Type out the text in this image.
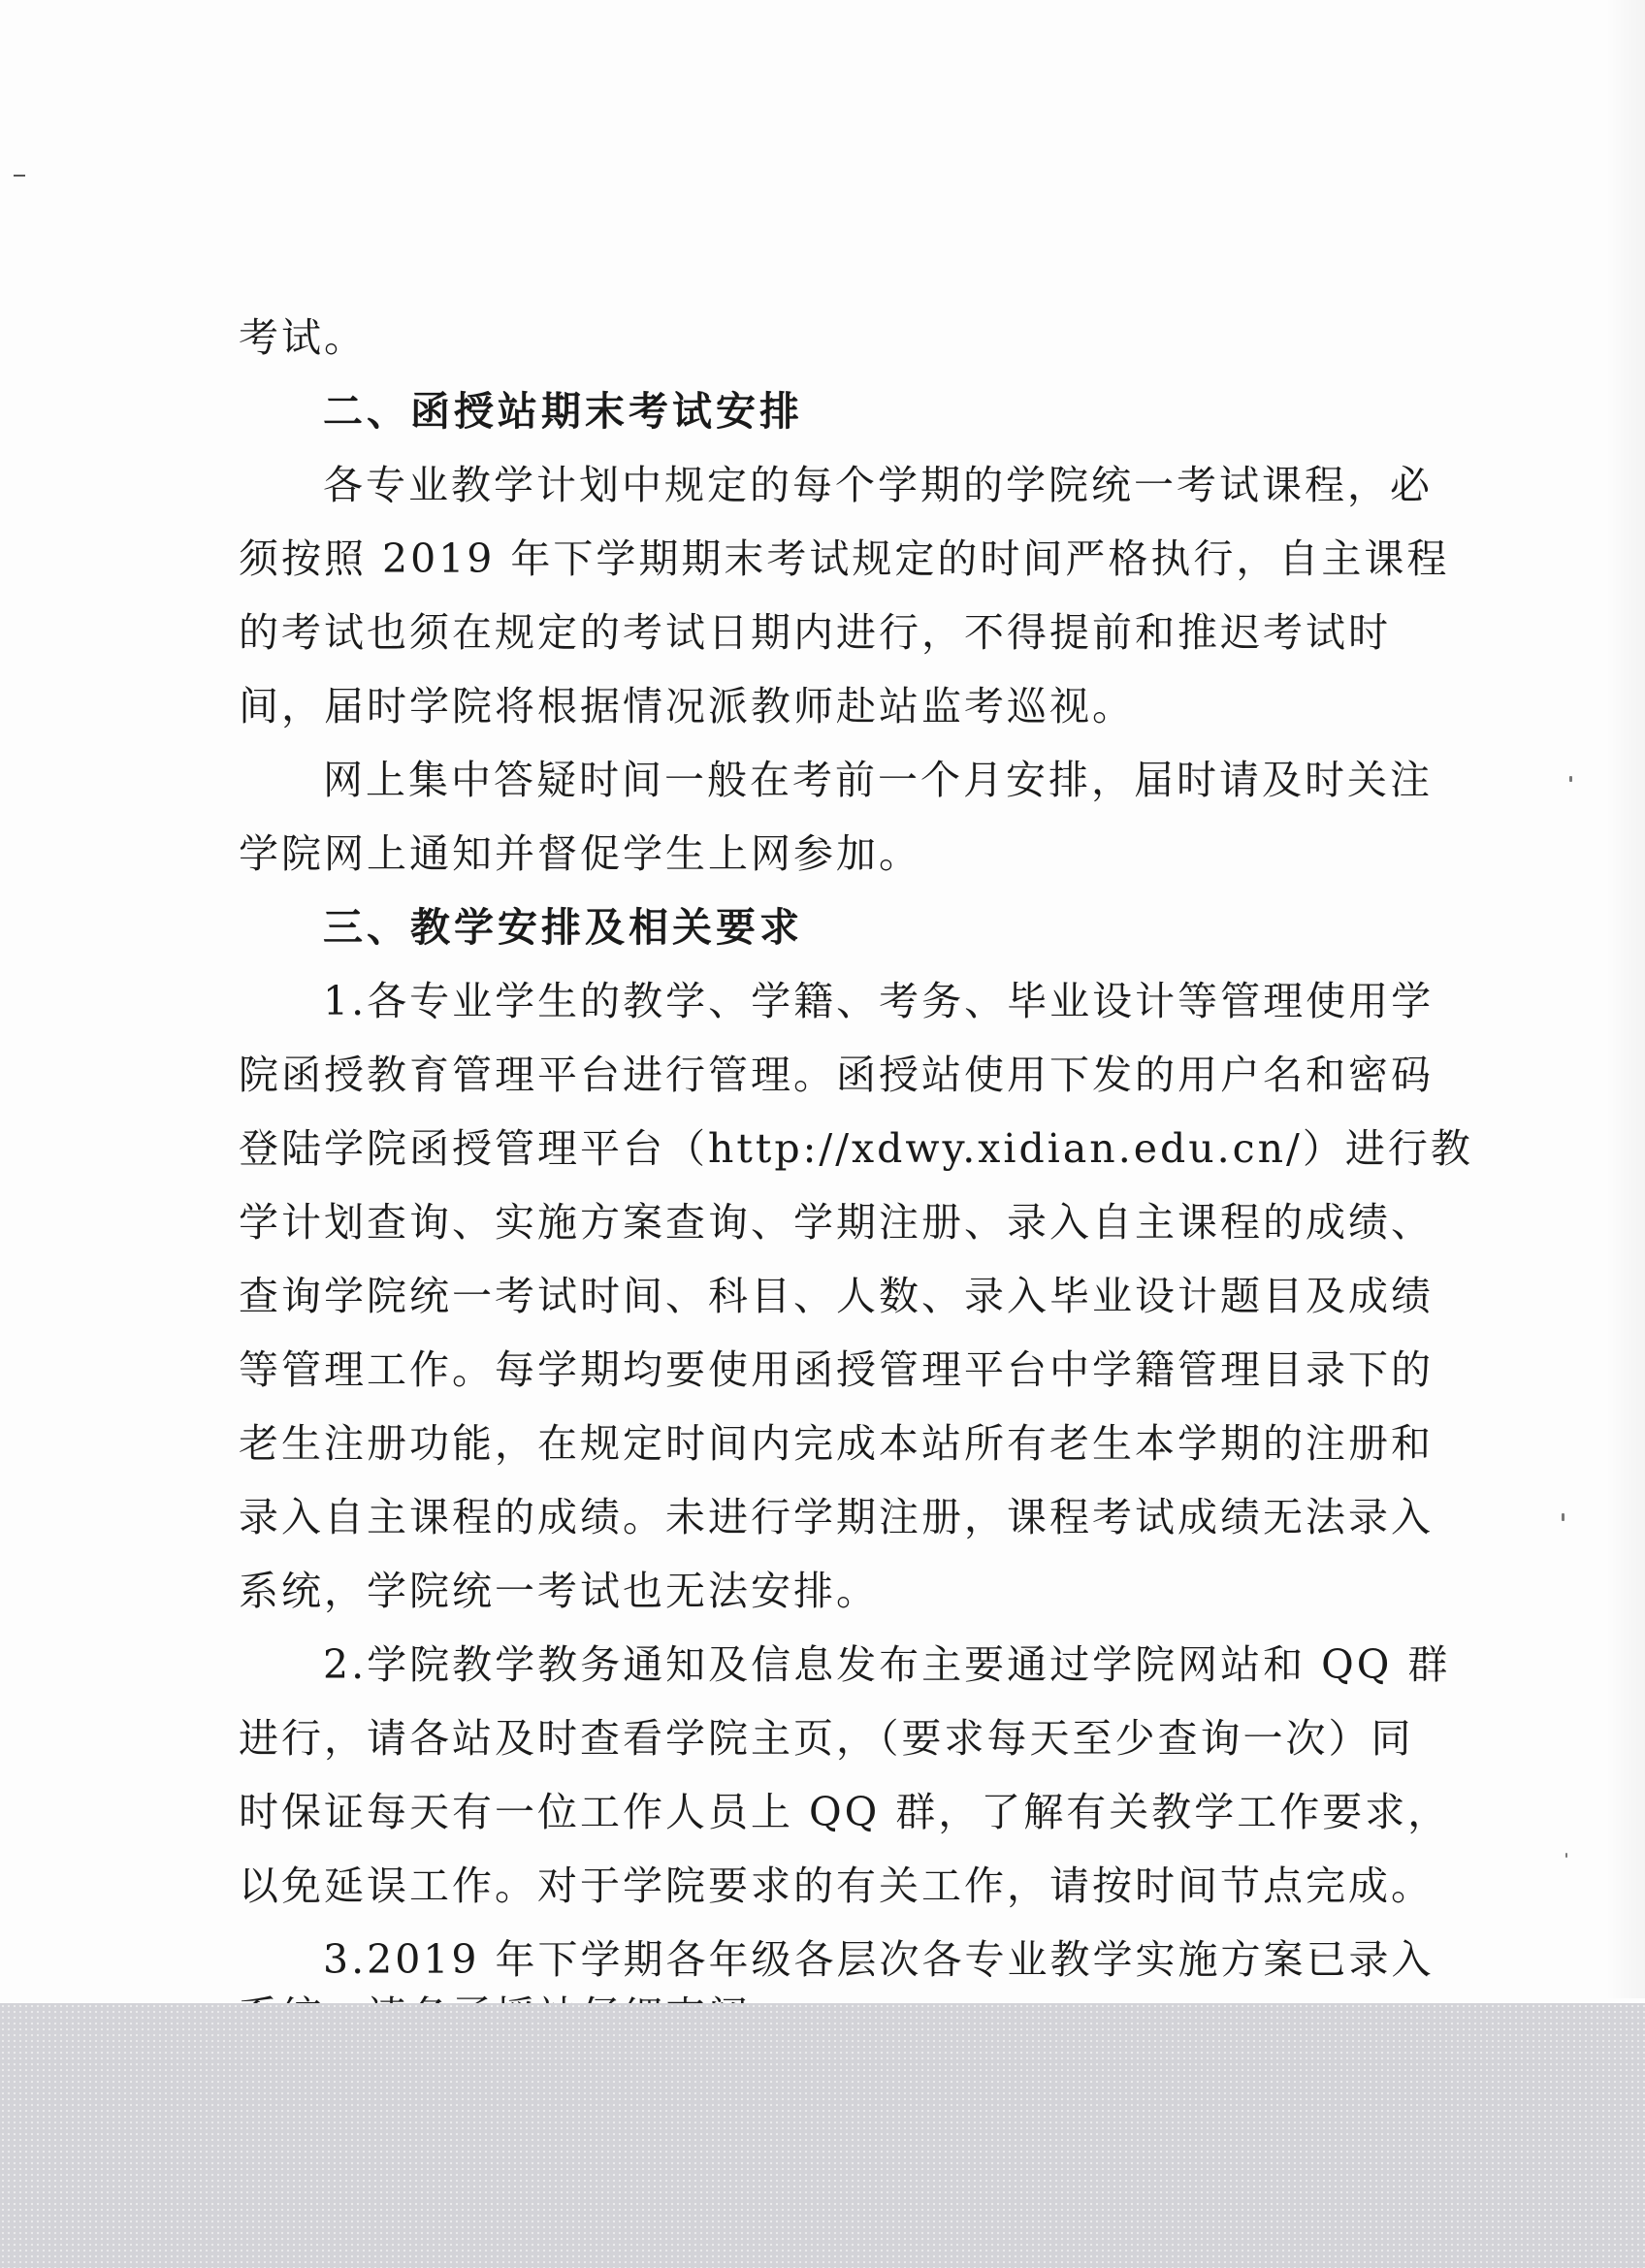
考试。
二、函授站期末考试安排
各专业教学计划中规定的每个学期的学院统一考试课程，必
须按照 2019 年下学期期末考试规定的时间严格执行，自主课程
的考试也须在规定的考试日期内进行，不得提前和推迟考试时
间，届时学院将根据情况派教师赴站监考巡视。
网上集中答疑时间一般在考前一个月安排，届时请及时关注
学院网上通知并督促学生上网参加。
三、教学安排及相关要求
1.各专业学生的教学、学籍、考务、毕业设计等管理使用学
院函授教育管理平台进行管理。函授站使用下发的用户名和密码
登陆学院函授管理平台（http://xdwy.xidian.edu.cn/）进行教
学计划查询、实施方案查询、学期注册、录入自主课程的成绩、
查询学院统一考试时间、科目、人数、录入毕业设计题目及成绩
等管理工作。每学期均要使用函授管理平台中学籍管理目录下的
老生注册功能，在规定时间内完成本站所有老生本学期的注册和
录入自主课程的成绩。未进行学期注册，课程考试成绩无法录入
系统，学院统一考试也无法安排。
2.学院教学教务通知及信息发布主要通过学院网站和 QQ 群
进行，请各站及时查看学院主页，（要求每天至少查询一次）同
时保证每天有一位工作人员上 QQ 群，了解有关教学工作要求，
以免延误工作。对于学院要求的有关工作，请按时间节点完成。
3.2019 年下学期各年级各层次各专业教学实施方案已录入
